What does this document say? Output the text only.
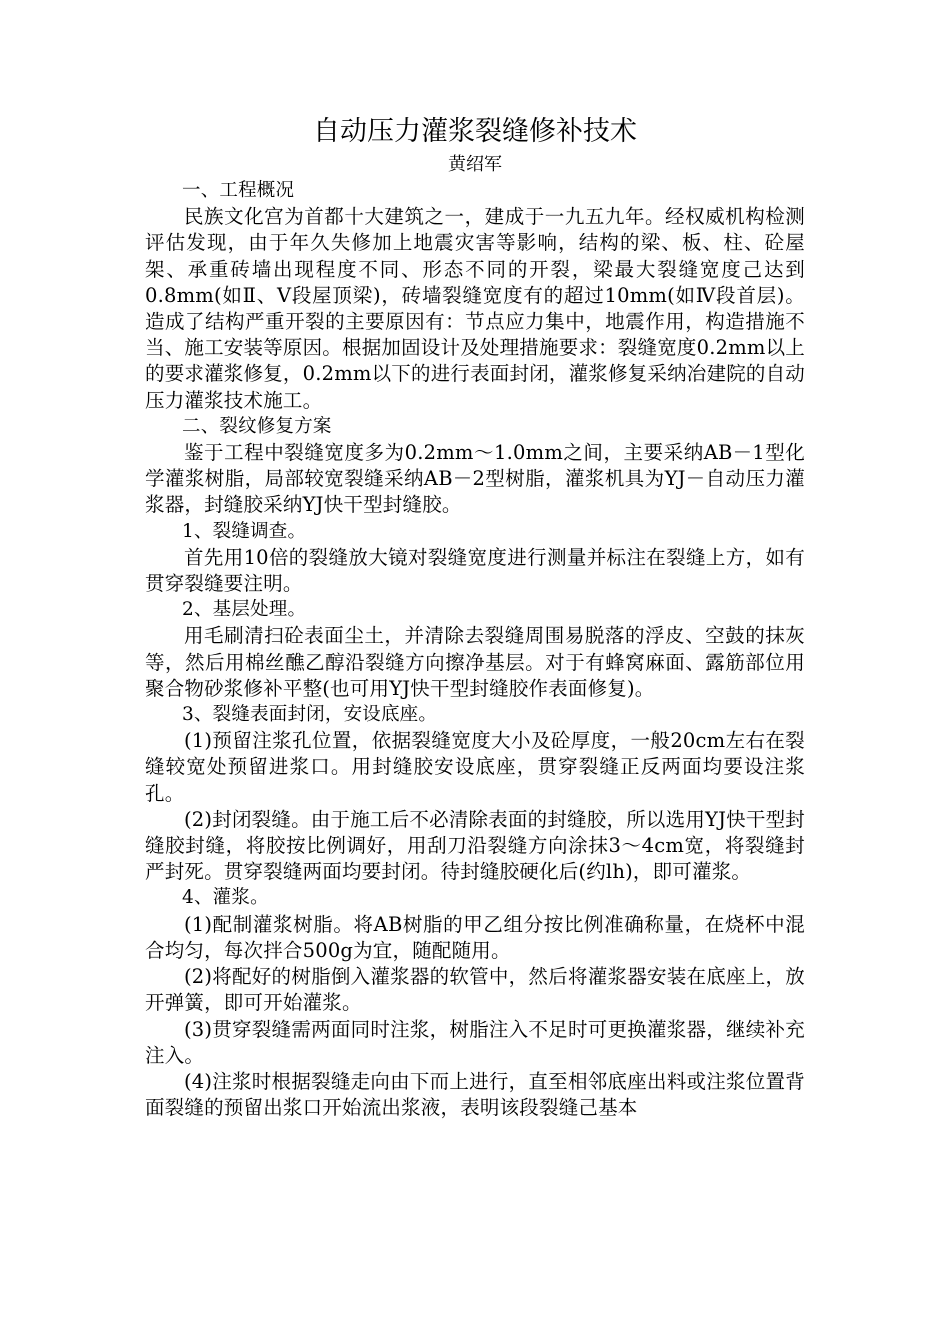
自动压力灌浆裂缝修补技术

黄绍军

一、工程概况

民族文化宫为首都十大建筑之一，建成于一九五九年。经权威机构检测评估发现，由于年久失修加上地震灾害等影响，结构的梁、板、柱、砼屋架、承重砖墙出现程度不同、形态不同的开裂，梁最大裂缝宽度己达到0.8mm(如Ⅱ、Ⅴ段屋顶梁)，砖墙裂缝宽度有的超过10mm(如Ⅳ段首层)。造成了结构严重开裂的主要原因有：节点应力集中，地震作用，构造措施不当、施工安装等原因。根据加固设计及处理措施要求：裂缝宽度0.2mm以上的要求灌浆修复，0.2mm以下的进行表面封闭，灌浆修复采纳冶建院的自动压力灌浆技术施工。

二、裂纹修复方案

鉴于工程中裂缝宽度多为0.2mm～1.0mm之间，主要采纳AB－1型化学灌浆树脂，局部较宽裂缝采纳AB－2型树脂，灌浆机具为YJ－自动压力灌浆器，封缝胶采纳YJ快干型封缝胶。

1、裂缝调查。

首先用10倍的裂缝放大镜对裂缝宽度进行测量并标注在裂缝上方，如有贯穿裂缝要注明。

2、基层处理。

用毛刷清扫砼表面尘土，并清除去裂缝周围易脱落的浮皮、空鼓的抹灰等，然后用棉丝醮乙醇沿裂缝方向擦净基层。对于有蜂窝麻面、露筋部位用聚合物砂浆修补平整(也可用YJ快干型封缝胶作表面修复)。

3、裂缝表面封闭，安设底座。

(1)预留注浆孔位置，依据裂缝宽度大小及砼厚度，一般20cm左右在裂缝较宽处预留进浆口。用封缝胶安设底座，贯穿裂缝正反两面均要设注浆孔。

(2)封闭裂缝。由于施工后不必清除表面的封缝胶，所以选用YJ快干型封缝胶封缝，将胶按比例调好，用刮刀沿裂缝方向涂抹3～4cm宽，将裂缝封严封死。贯穿裂缝两面均要封闭。待封缝胶硬化后(约lh)，即可灌浆。

4、灌浆。

(1)配制灌浆树脂。将AB树脂的甲乙组分按比例准确称量，在烧杯中混合均匀，每次拌合500g为宜，随配随用。

(2)将配好的树脂倒入灌浆器的软管中，然后将灌浆器安装在底座上，放开弹簧，即可开始灌浆。

(3)贯穿裂缝需两面同时注浆，树脂注入不足时可更换灌浆器，继续补充注入。

(4)注浆时根据裂缝走向由下而上进行，直至相邻底座出料或注浆位置背面裂缝的预留出浆口开始流出浆液，表明该段裂缝己基本
